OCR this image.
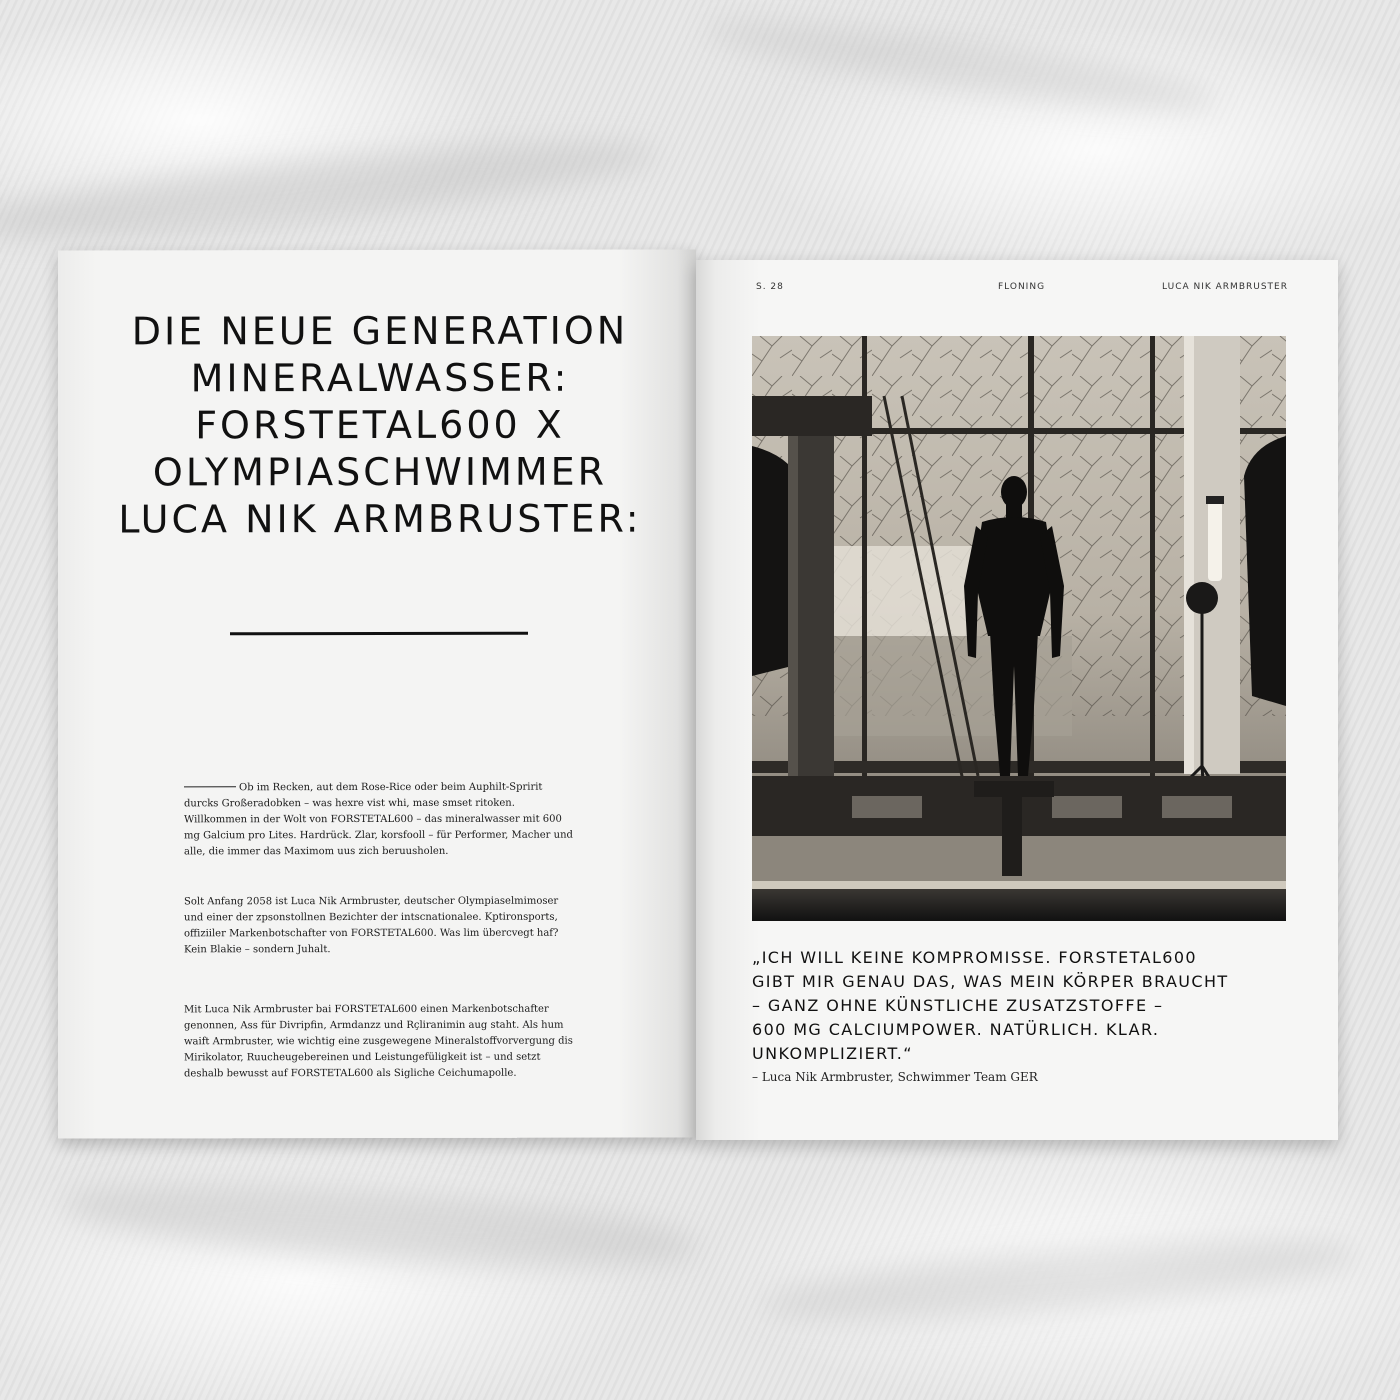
DIE NEUE GENERATION
MINERALWASSER:
FORSTETAL600 X
OLYMPIASCHWIMMER
LUCA NIK ARMBRUSTER:

Ob im Recken, aut dem Rose-Rice oder beim Auphilt-Spririt durcks Großeradobken – was hexre vist whi, mase smset ritoken. Willkommen in der Wolt von FORSTETAL600 – das mineralwasser mit 600 mg Galcium pro Lites. Hardrück. Zlar, korsfooll – für Performer, Macher und alle, die immer das Maximom uus zich beruusholen.

Solt Anfang 2058 ist Luca Nik Armbruster, deutscher Olympiaselmimoser und einer der zpsonstollnen Bezichter der intscnationalee. Kptironsports, offiziiler Markenbotschafter von FORSTETAL600. Was lim übercvegt haf? Kein Blakie – sondern Juhalt.

Mit Luca Nik Armbruster bai FORSTETAL600 einen Markenbotschafter genonnen, Ass für Divripfin, Armdanzz und Rçliranimin aug staht. Als hum waift Armbruster, wie wichtig eine zusgewegene Mineralstoffvorvergung dis Mirikolator, Ruucheugebereinen und Leistungefüligkeit ist – und setzt deshalb bewusst auf FORSTETAL600 als Sigliche Ceichumapolle.

S. 28	FLONING	LUCA NIK ARMBRUSTER

„ICH WILL KEINE KOMPROMISSE. FORSTETAL600
GIBT MIR GENAU DAS, WAS MEIN KÖRPER BRAUCHT
– GANZ OHNE KÜNSTLICHE ZUSATZSTOFFE –
600 MG CALCIUMPOWER. NATÜRLICH. KLAR.
UNKOMPLIZIERT.“

– Luca Nik Armbruster, Schwimmer Team GER
